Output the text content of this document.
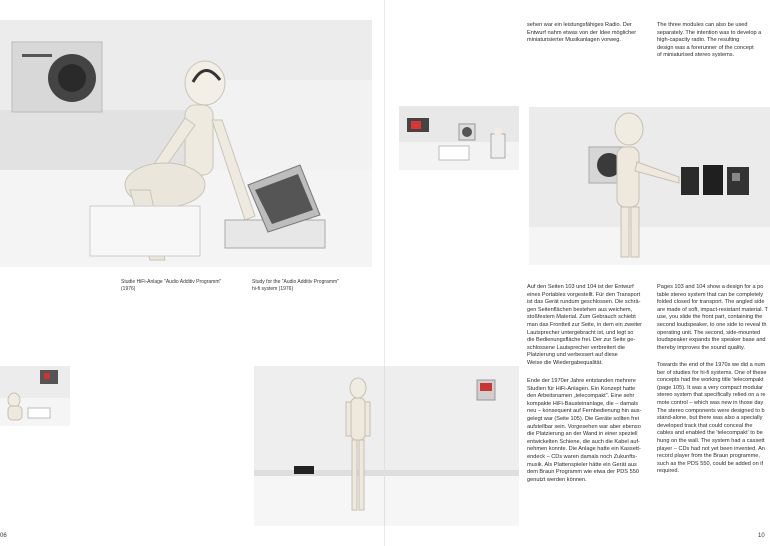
Studie HiFi-Anlage "Audio Additiv Programm"
(1976)
Study for the "Audio Additiv Programm"
hi-fi system (1976)
sehen war ein leistungsfähiges Radio. Der
Entwurf nahm etwas von der Idee möglicher
miniaturisierter Musikanlagen vorweg.
The three modules can also be used
separately. The intention was to develop a
high-capacity radio. The resulting
design was a forerunner of the concept
of miniaturised stereo systems.
Auf den Seiten 103 und 104 ist der Entwurf
eines Portables vorgestellt. Für den Transport
ist das Gerät rundum geschlossen. Die schrä-
gen Seitenflächen bestehen aus weichem,
stoßfestem Material. Zum Gebrauch schiebt
man das Frontteil zur Seite, in dem ein zweiter
Lautsprecher untergebracht ist, und legt so
die Bedienungsfläche frei. Der zur Seite ge-
schlossene Lautsprecher verbreitert die
Platzierung und verbessert auf diese
Weise die Wiedergabequalität.
Ende der 1970er Jahre entstanden mehrere
Studien für HiFi-Anlagen. Ein Konzept hatte
den Arbeitsnamen „telecompakt". Eine sehr
kompakte HiFi-Bausteinanlage, die – damals
neu – konsequent auf Fernbedienung hin aus-
gelegt war (Seite 105). Die Geräte sollten frei
aufstellbar sein. Vorgesehen war aber ebenso
die Platzierung an der Wand in einer speziell
entwickelten Schiene, die auch die Kabel auf-
nehmen konnte. Die Anlage hatte ein Kassett-
endeck – CDs waren damals noch Zukunfts-
musik. Als Plattenspieler hätte ein Gerät aus
dem Braun Programm wie etwa der PDS 550
genutzt werden können.
Pages 103 and 104 show a design for a po
table stereo system that can be completely
folded closed for transport. The angled side
are made of soft, impact-resistant material. T
use, you slide the front part, containing the
second loudspeaker, to one side to reveal th
operating unit. The second, side-mounted
loudspeaker expands the speaker base and
thereby improves the sound quality.
Towards the end of the 1970s we did a num
ber of studies for hi-fi systems. One of these
concepts had the working title 'telecompakt
(page 105). It was a very compact modular
stereo system that specifically relied on a re
mote control – which was new in those day
The stereo components were designed to b
stand-alone, but there was also a specially
developed track that could conceal the
cables and enabled the 'telecompakt' to be
hung on the wall. The system had a cassett
player – CDs had not yet been invented. An
record player from the Braun programme,
such as the PDS 550, could be added on if
required.
06	10
